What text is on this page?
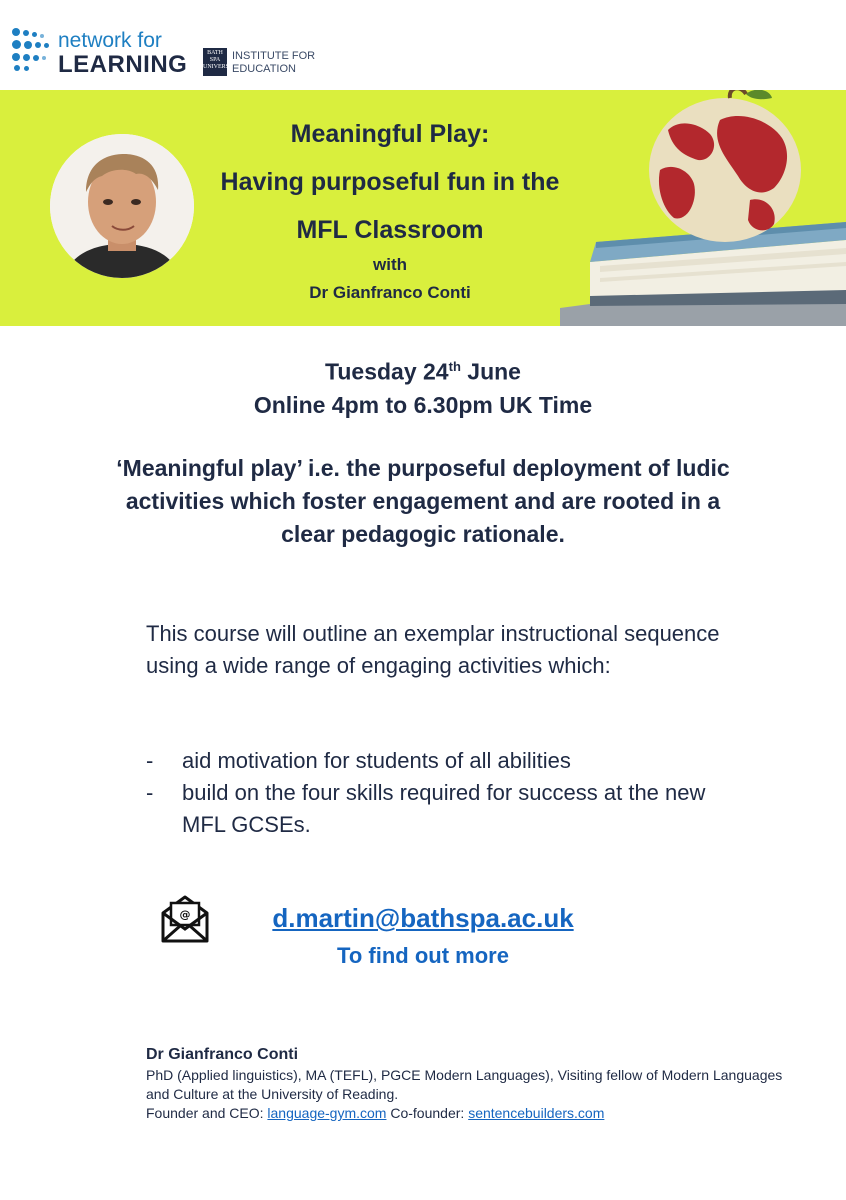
network for
LEARNING	BATH SPA UNIVERSITY
INSTITUTE FOR
EDUCATION
Meaningful Play:
Having purposeful fun in the
MFL Classroom
with
Dr Gianfranco Conti
Tuesday 24th June
Online 4pm to 6.30pm UK Time
‘Meaningful play’ i.e. the purposeful deployment of ludic activities which foster engagement and are rooted in a clear pedagogic rationale.
This course will outline an exemplar instructional sequence using a wide range of engaging activities which:
-	aid motivation for students of all abilities
-	build on the four skills required for success at the new MFL GCSEs.
@	d.martin@bathspa.ac.uk
To find out more
Dr Gianfranco Conti
PhD (Applied linguistics), MA (TEFL), PGCE Modern Languages), Visiting fellow of Modern Languages and Culture at the University of Reading.
Founder and CEO: language-gym.com Co-founder: sentencebuilders.com
